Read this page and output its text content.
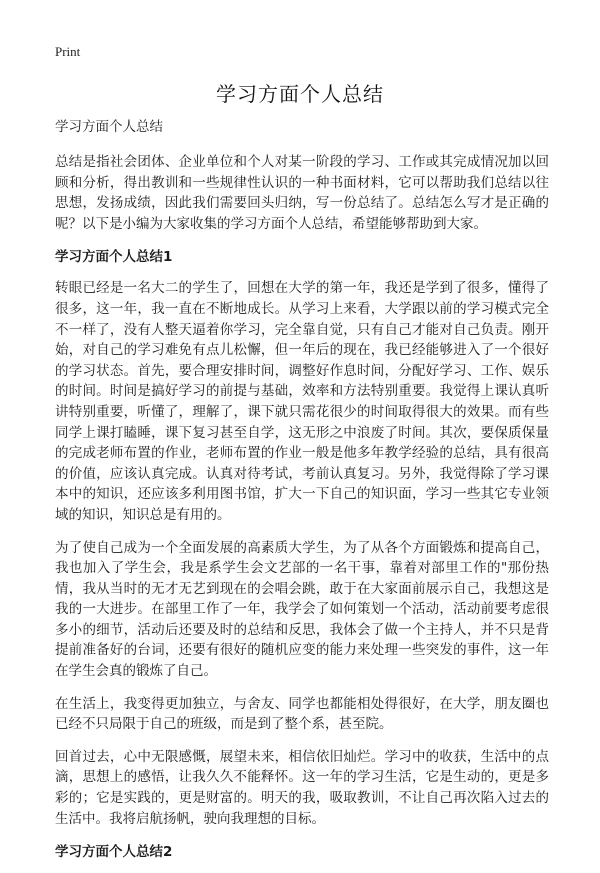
Print
学习方面个人总结

学习方面个人总结

总结是指社会团体、企业单位和个人对某一阶段的学习、工作或其完成情况加以回顾和分析，得出教训和一些规律性认识的一种书面材料，它可以帮助我们总结以往思想，发扬成绩，因此我们需要回头归纳，写一份总结了。总结怎么写才是正确的呢？以下是小编为大家收集的学习方面个人总结，希望能够帮助到大家。

学习方面个人总结1

转眼已经是一名大二的学生了，回想在大学的第一年，我还是学到了很多，懂得了很多，这一年，我一直在不断地成长。从学习上来看，大学跟以前的学习模式完全不一样了，没有人整天逼着你学习，完全靠自觉，只有自己才能对自己负责。刚开始，对自己的学习难免有点儿松懈，但一年后的现在，我已经能够进入了一个很好的学习状态。首先，要合理安排时间，调整好作息时间，分配好学习、工作、娱乐的时间。时间是搞好学习的前提与基础，效率和方法特别重要。我觉得上课认真听讲特别重要，听懂了，理解了，课下就只需花很少的时间取得很大的效果。而有些同学上课打瞌睡，课下复习甚至自学，这无形之中浪废了时间。其次，要保质保量的完成老师布置的作业，老师布置的作业一般是他多年教学经验的总结，具有很高的价值，应该认真完成。认真对待考试，考前认真复习。另外，我觉得除了学习课本中的知识，还应该多利用图书馆，扩大一下自己的知识面，学习一些其它专业领域的知识，知识总是有用的。

为了使自己成为一个全面发展的高素质大学生，为了从各个方面锻炼和提高自己，我也加入了学生会，我是系学生会文艺部的一名干事，靠着对部里工作的"那份热情，我从当时的无才无艺到现在的会唱会跳，敢于在大家面前展示自己，我想这是我的一大进步。在部里工作了一年，我学会了如何策划一个活动，活动前要考虑很多小的细节，活动后还要及时的总结和反思，我体会了做一个主持人，并不只是背提前准备好的台词，还要有很好的随机应变的能力来处理一些突发的事件，这一年在学生会真的锻炼了自己。

在生活上，我变得更加独立，与舍友、同学也都能相处得很好，在大学，朋友圈也已经不只局限于自己的班级，而是到了整个系，甚至院。

回首过去，心中无限感慨，展望未来，相信依旧灿烂。学习中的收获，生活中的点滴，思想上的感悟，让我久久不能释怀。这一年的学习生活，它是生动的，更是多彩的；它是实践的，更是财富的。明天的我，吸取教训，不让自己再次陷入过去的生活中。我将启航扬帆，驶向我理想的目标。

学习方面个人总结2
